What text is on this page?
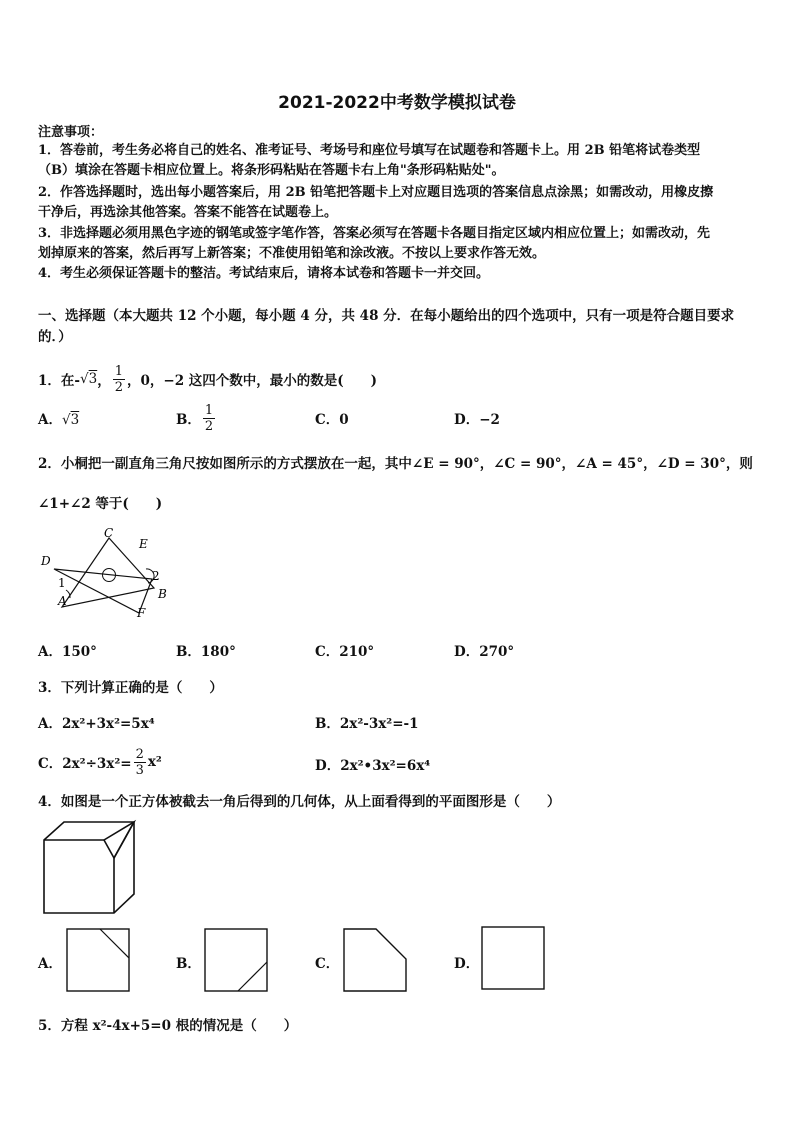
2021-2022中考数学模拟试卷
注意事项：
1．答卷前，考生务必将自己的姓名、准考证号、考场号和座位号填写在试题卷和答题卡上。用 2B 铅笔将试卷类型
（B）填涂在答题卡相应位置上。将条形码粘贴在答题卡右上角"条形码粘贴处"。
2．作答选择题时，选出每小题答案后，用 2B 铅笔把答题卡上对应题目选项的答案信息点涂黑；如需改动，用橡皮擦
干净后，再选涂其他答案。答案不能答在试题卷上。
3．非选择题必须用黑色字迹的钢笔或签字笔作答，答案必须写在答题卡各题目指定区域内相应位置上；如需改动，先
划掉原来的答案，然后再写上新答案；不准使用铅笔和涂改液。不按以上要求作答无效。
4．考生必须保证答题卡的整洁。考试结束后，请将本试卷和答题卡一并交回。
一、选择题（本大题共 12 个小题，每小题 4 分，共 48 分．在每小题给出的四个选项中，只有一项是符合题目要求
的．）
1．在- √3 ， $\frac{1}{2}$ ，0，−2 这四个数中，最小的数是(　　)
A．√3	B． $\frac{1}{2}$	C．0	D．−2
2．小桐把一副直角三角尺按如图所示的方式摆放在一起，其中∠E = 90°，∠C = 90°，∠A = 45°，∠D = 30°，则
∠1+∠2 等于(　　)
C
E
D
1	2
A	B
F
A．150°	B．180°	C．210°	D．270°
3．下列计算正确的是（　　）
A．2x²+3x²=5x⁴	B．2x²-3x²=-1
C．$2x^2\div 3x^2= \frac{2}{3} x^2$	D．2x²•3x²=6x⁴
4．如图是一个正方体被截去一角后得到的几何体，从上面看得到的平面图形是（　　）
A．	B．	C．	D．
5．方程 x²-4x+5=0 根的情况是（　　）
